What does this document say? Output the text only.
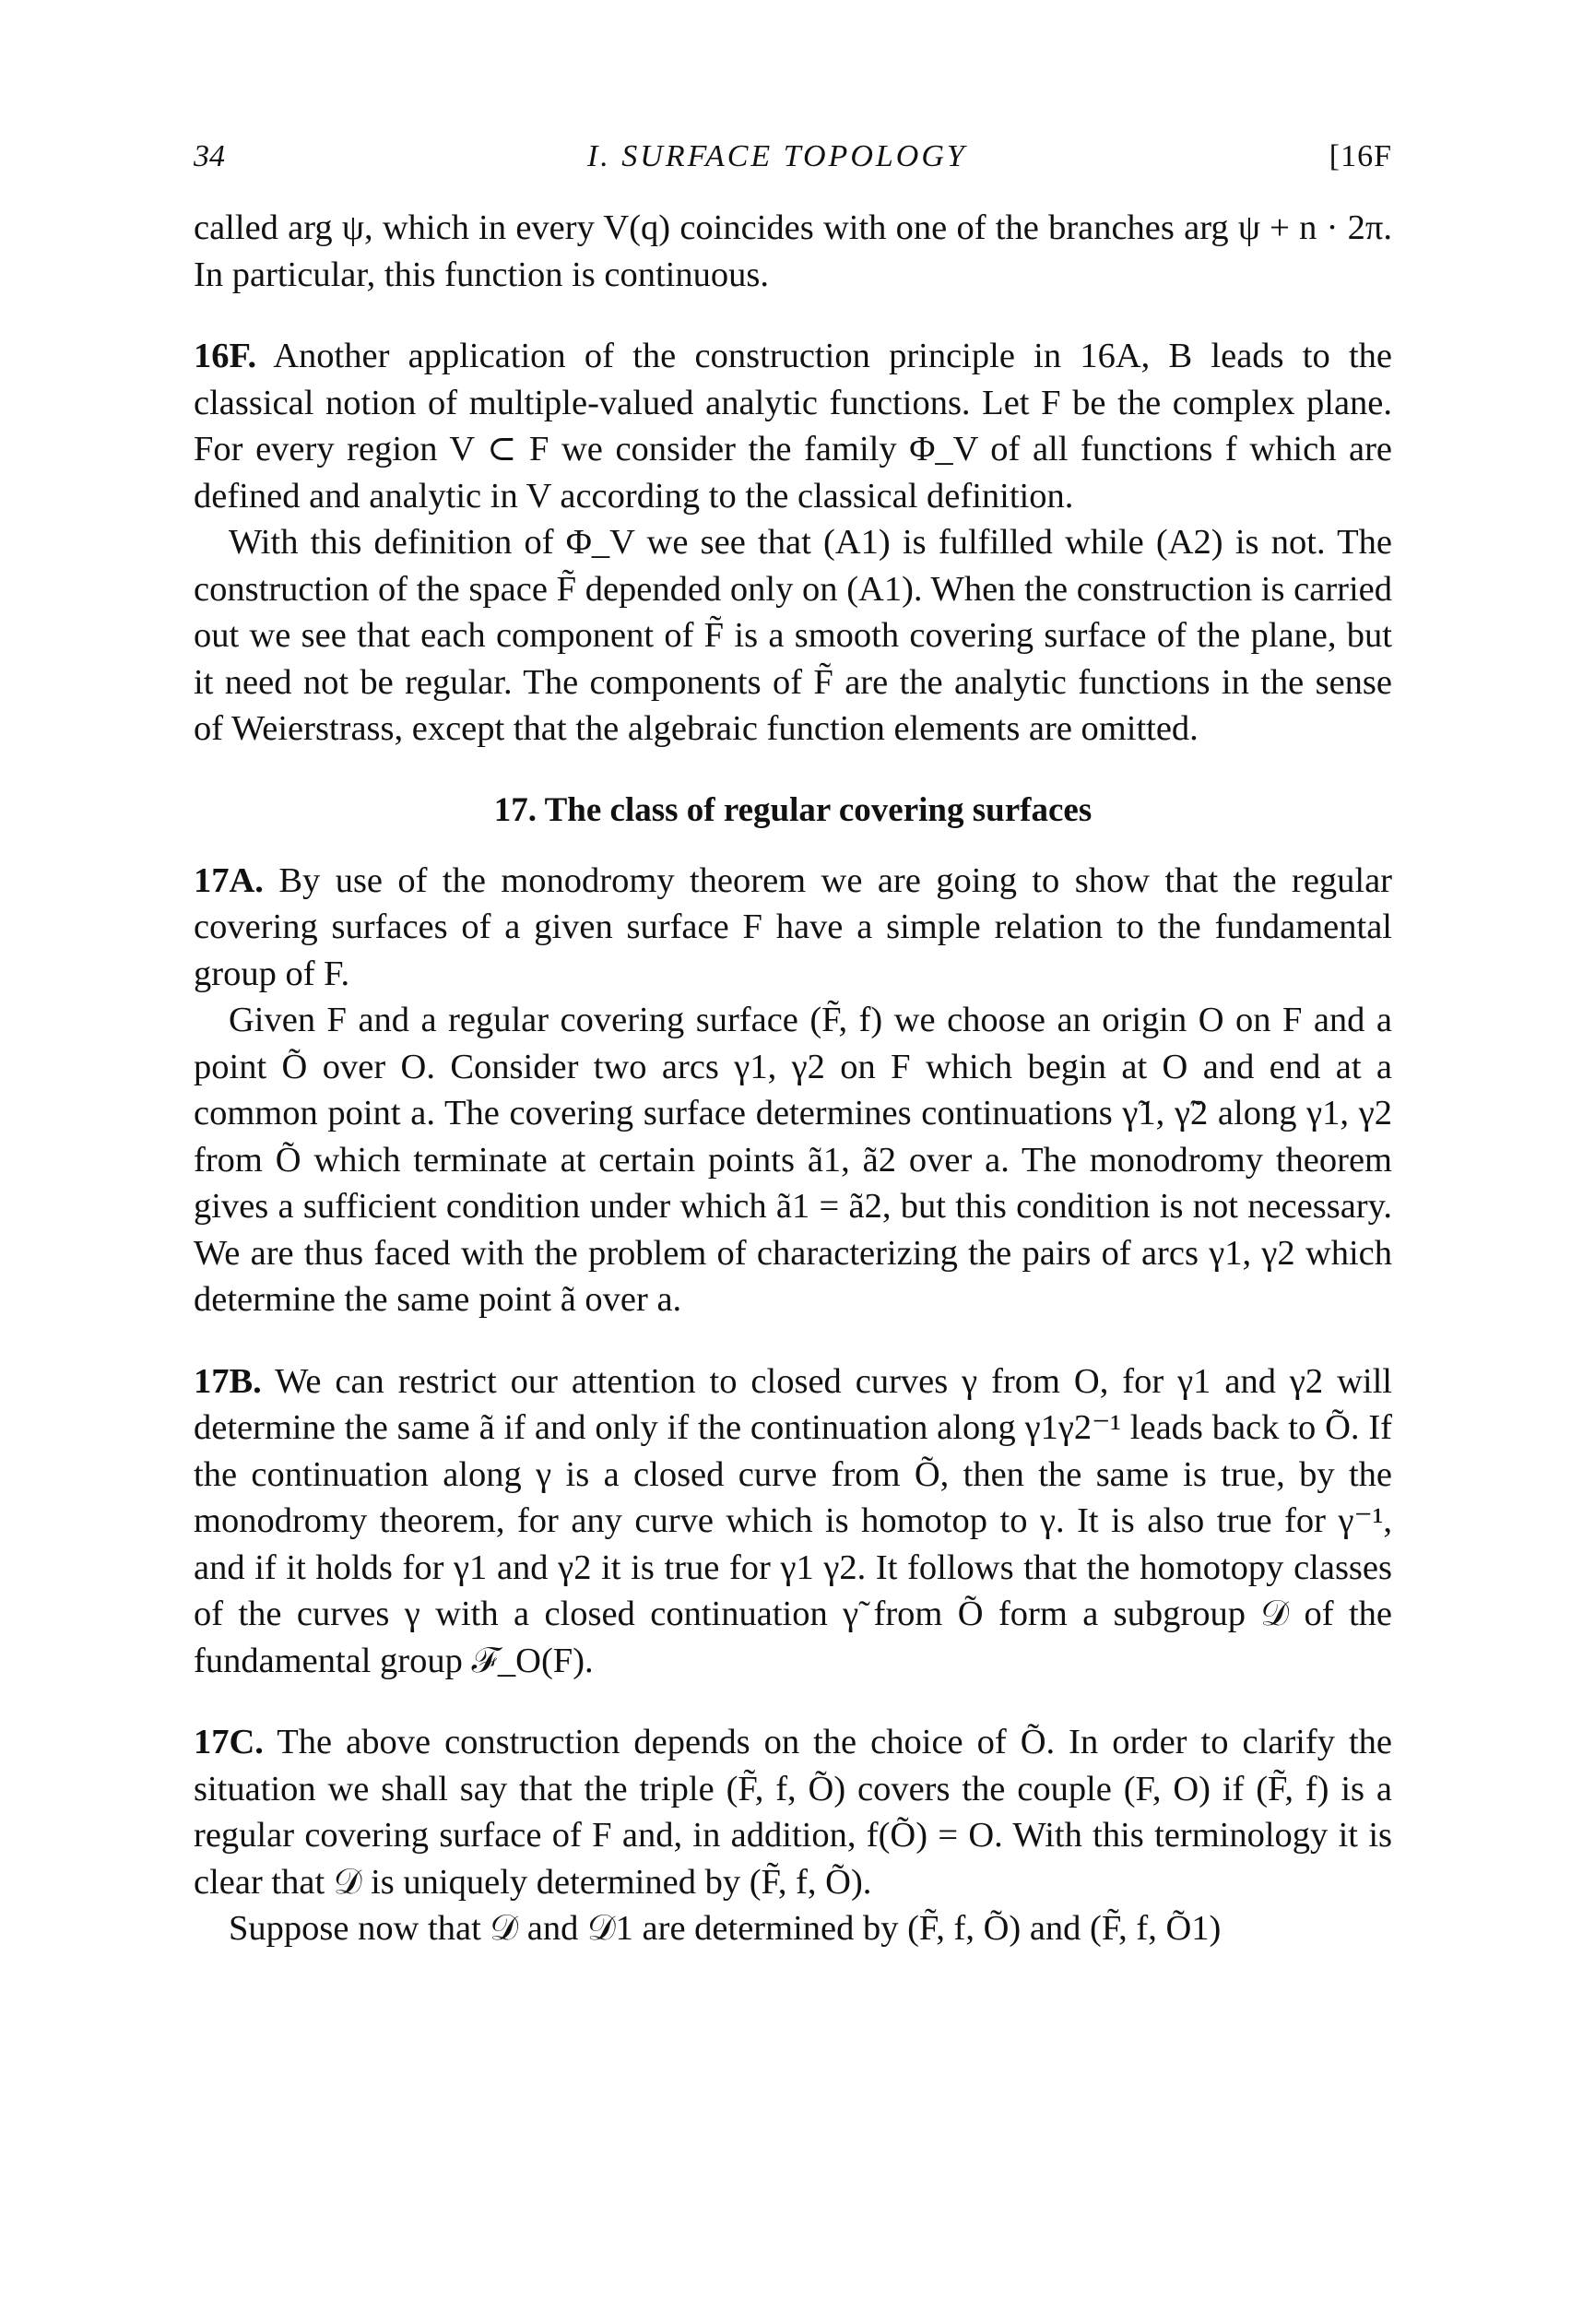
34	I. SURFACE TOPOLOGY	[16F

called arg ψ, which in every V(q) coincides with one of the branches arg ψ + n · 2π. In particular, this function is continuous.

16F. Another application of the construction principle in 16A, B leads to the classical notion of multiple-valued analytic functions. Let F be the complex plane. For every region V ⊂ F we consider the family Φ_V of all functions f which are defined and analytic in V according to the classical definition.

With this definition of Φ_V we see that (A1) is fulfilled while (A2) is not. The construction of the space F̃ depended only on (A1). When the construction is carried out we see that each component of F̃ is a smooth covering surface of the plane, but it need not be regular. The components of F̃ are the analytic functions in the sense of Weierstrass, except that the algebraic function elements are omitted.

17. The class of regular covering surfaces

17A. By use of the monodromy theorem we are going to show that the regular covering surfaces of a given surface F have a simple relation to the fundamental group of F.

Given F and a regular covering surface (F̃, f) we choose an origin O on F and a point Õ over O. Consider two arcs γ1, γ2 on F which begin at O and end at a common point a. The covering surface determines continuations γ̃1, γ̃2 along γ1, γ2 from Õ which terminate at certain points ã1, ã2 over a. The monodromy theorem gives a sufficient condition under which ã1 = ã2, but this condition is not necessary. We are thus faced with the problem of characterizing the pairs of arcs γ1, γ2 which determine the same point ã over a.

17B. We can restrict our attention to closed curves γ from O, for γ1 and γ2 will determine the same ã if and only if the continuation along γ1γ2⁻¹ leads back to Õ. If the continuation along γ is a closed curve from Õ, then the same is true, by the monodromy theorem, for any curve which is homotop to γ. It is also true for γ⁻¹, and if it holds for γ1 and γ2 it is true for γ1 γ2. It follows that the homotopy classes of the curves γ with a closed continuation γ̃ from Õ form a subgroup 𝒟 of the fundamental group ℱ_O(F).

17C. The above construction depends on the choice of Õ. In order to clarify the situation we shall say that the triple (F̃, f, Õ) covers the couple (F, O) if (F̃, f) is a regular covering surface of F and, in addition, f(Õ) = O. With this terminology it is clear that 𝒟 is uniquely determined by (F̃, f, Õ).

Suppose now that 𝒟 and 𝒟1 are determined by (F̃, f, Õ) and (F̃, f, Õ1)
